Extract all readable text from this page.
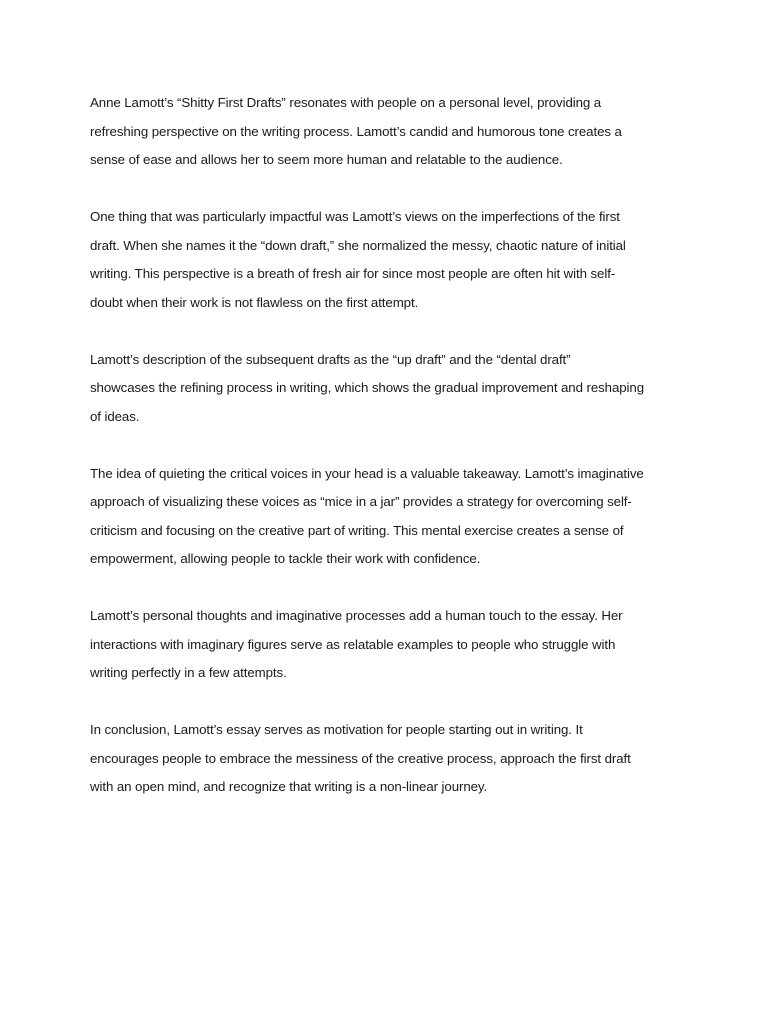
Anne Lamott’s “Shitty First Drafts” resonates with people on a personal level, providing a
refreshing perspective on the writing process. Lamott’s candid and humorous tone creates a
sense of ease and allows her to seem more human and relatable to the audience.

One thing that was particularly impactful was Lamott’s views on the imperfections of the first
draft. When she names it the “down draft,” she normalized the messy, chaotic nature of initial
writing. This perspective is a breath of fresh air for since most people are often hit with self-
doubt when their work is not flawless on the first attempt.

Lamott’s description of the subsequent drafts as the “up draft” and the “dental draft”
showcases the refining process in writing, which shows the gradual improvement and reshaping
of ideas.

The idea of quieting the critical voices in your head is a valuable takeaway. Lamott’s imaginative
approach of visualizing these voices as “mice in a jar” provides a strategy for overcoming self-
criticism and focusing on the creative part of writing. This mental exercise creates a sense of
empowerment, allowing people to tackle their work with confidence.

Lamott’s personal thoughts and imaginative processes add a human touch to the essay. Her
interactions with imaginary figures serve as relatable examples to people who struggle with
writing perfectly in a few attempts.

In conclusion, Lamott’s essay serves as motivation for people starting out in writing. It
encourages people to embrace the messiness of the creative process, approach the first draft
with an open mind, and recognize that writing is a non-linear journey.
